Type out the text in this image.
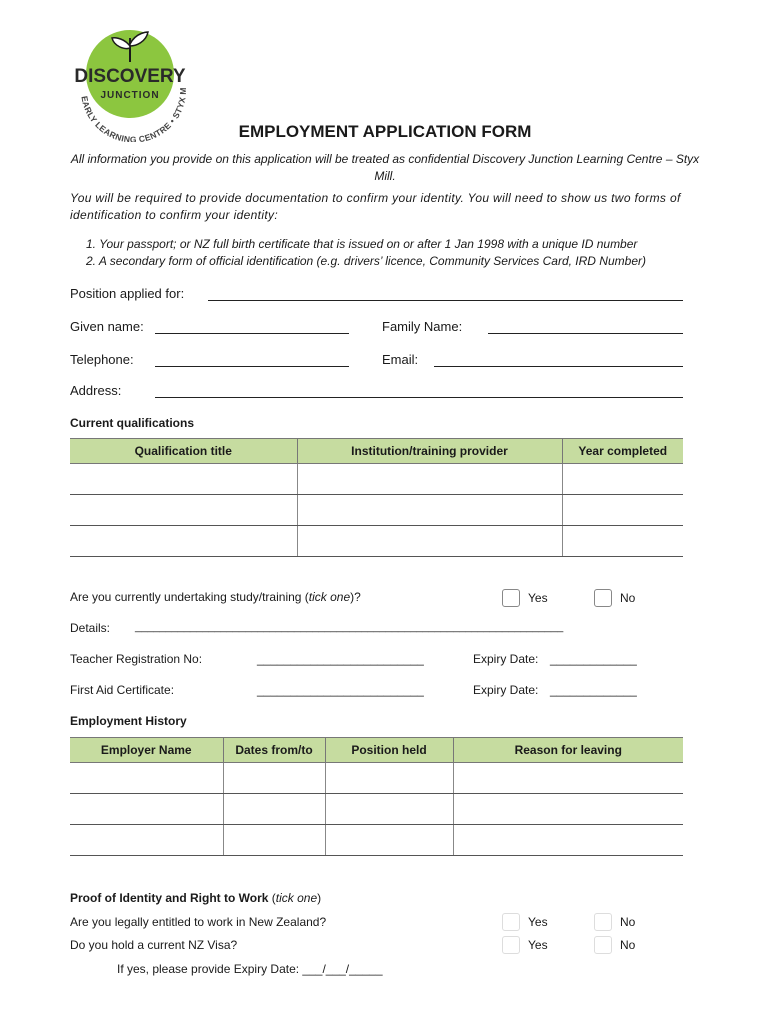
DISCOVERY
JUNCTION
EARLY LEARNING CENTRE • STYX M
EMPLOYMENT APPLICATION FORM
All information you provide on this application will be treated as confidential Discovery Junction Learning Centre – Styx Mill.
You will be required to provide documentation to confirm your identity. You will need to show us two forms of identification to confirm your identity:
1. Your passport; or NZ full birth certificate that is issued on or after 1 Jan 1998 with a unique ID number
2. A secondary form of official identification (e.g. drivers’ licence, Community Services Card, IRD Number)
Position applied for:
Given name:	Family Name:
Telephone:	Email:
Address:
Current qualifications
Qualification title	Institution/training provider	Year completed

Are you currently undertaking study/training (tick one)?	Yes	No
Details: ______________________________________________________________________
Teacher Registration No:	_________________________	Expiry Date: _____________
First Aid Certificate:	_________________________	Expiry Date: _____________
Employment History
Employer Name	Dates from/to	Position held	Reason for leaving

Proof of Identity and Right to Work (tick one)
Are you legally entitled to work in New Zealand?	Yes	No
Do you hold a current NZ Visa?	Yes	No
If yes, please provide Expiry Date: ___/___/_____
